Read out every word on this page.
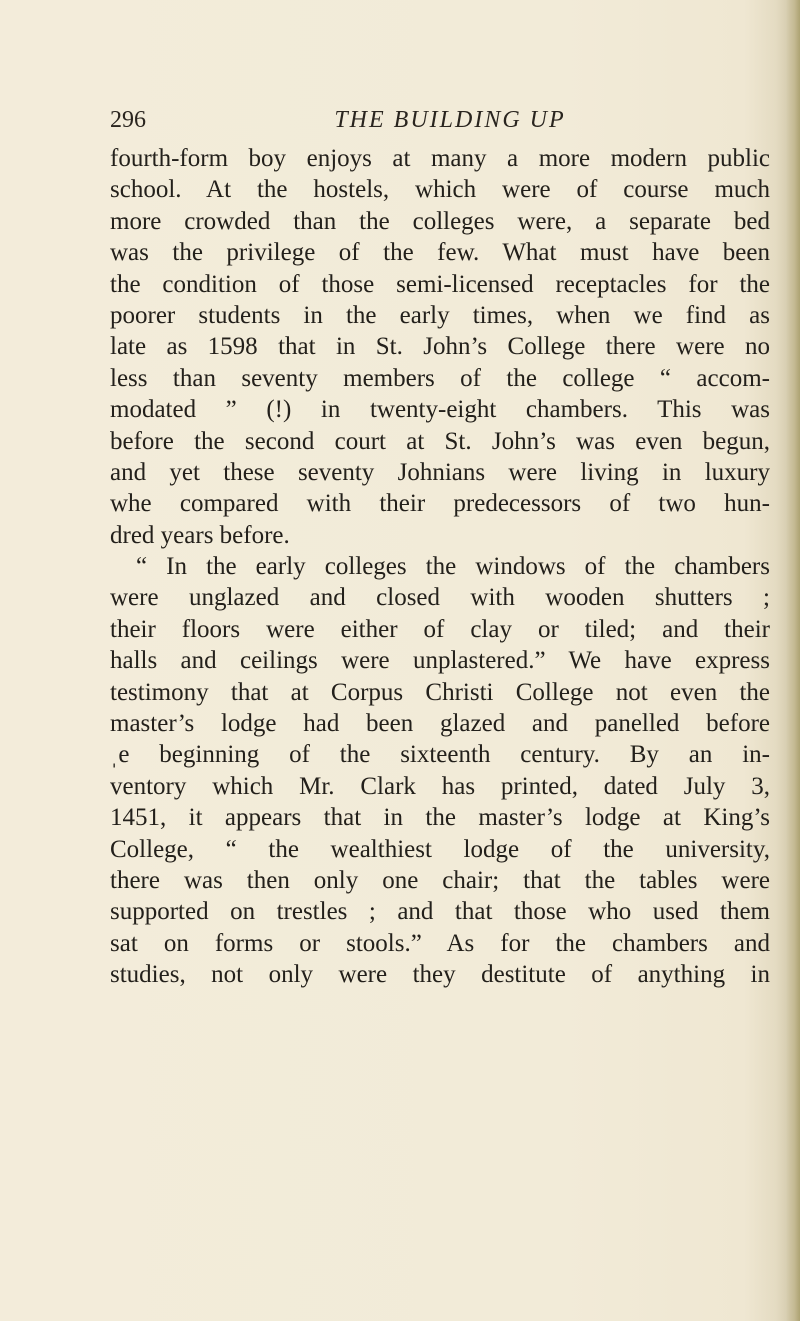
296	THE BUILDING UP
fourth-form boy enjoys at many a more modern public
school. At the hostels, which were of course much
more crowded than the colleges were, a separate bed
was the privilege of the few. What must have been
the condition of those semi-licensed receptacles for the
poorer students in the early times, when we find as
late as 1598 that in St. John’s College there were no
less than seventy members of the college “ accom-
modated ” (!) in twenty-eight chambers. This was
before the second court at St. John’s was even begun,
and yet these seventy Johnians were living in luxury
whe compared with their predecessors of two hun-
dred years before.
“ In the early colleges the windows of the chambers
were unglazed and closed with wooden shutters ;
their floors were either of clay or tiled; and their
halls and ceilings were unplastered.” We have express
testimony that at Corpus Christi College not even the
master’s lodge had been glazed and panelled before
ˌe beginning of the sixteenth century. By an in-
ventory which Mr. Clark has printed, dated July 3,
1451, it appears that in the master’s lodge at King’s
College, “ the wealthiest lodge of the university,
there was then only one chair; that the tables were
supported on trestles ; and that those who used them
sat on forms or stools.” As for the chambers and
studies, not only were they destitute of anything in
